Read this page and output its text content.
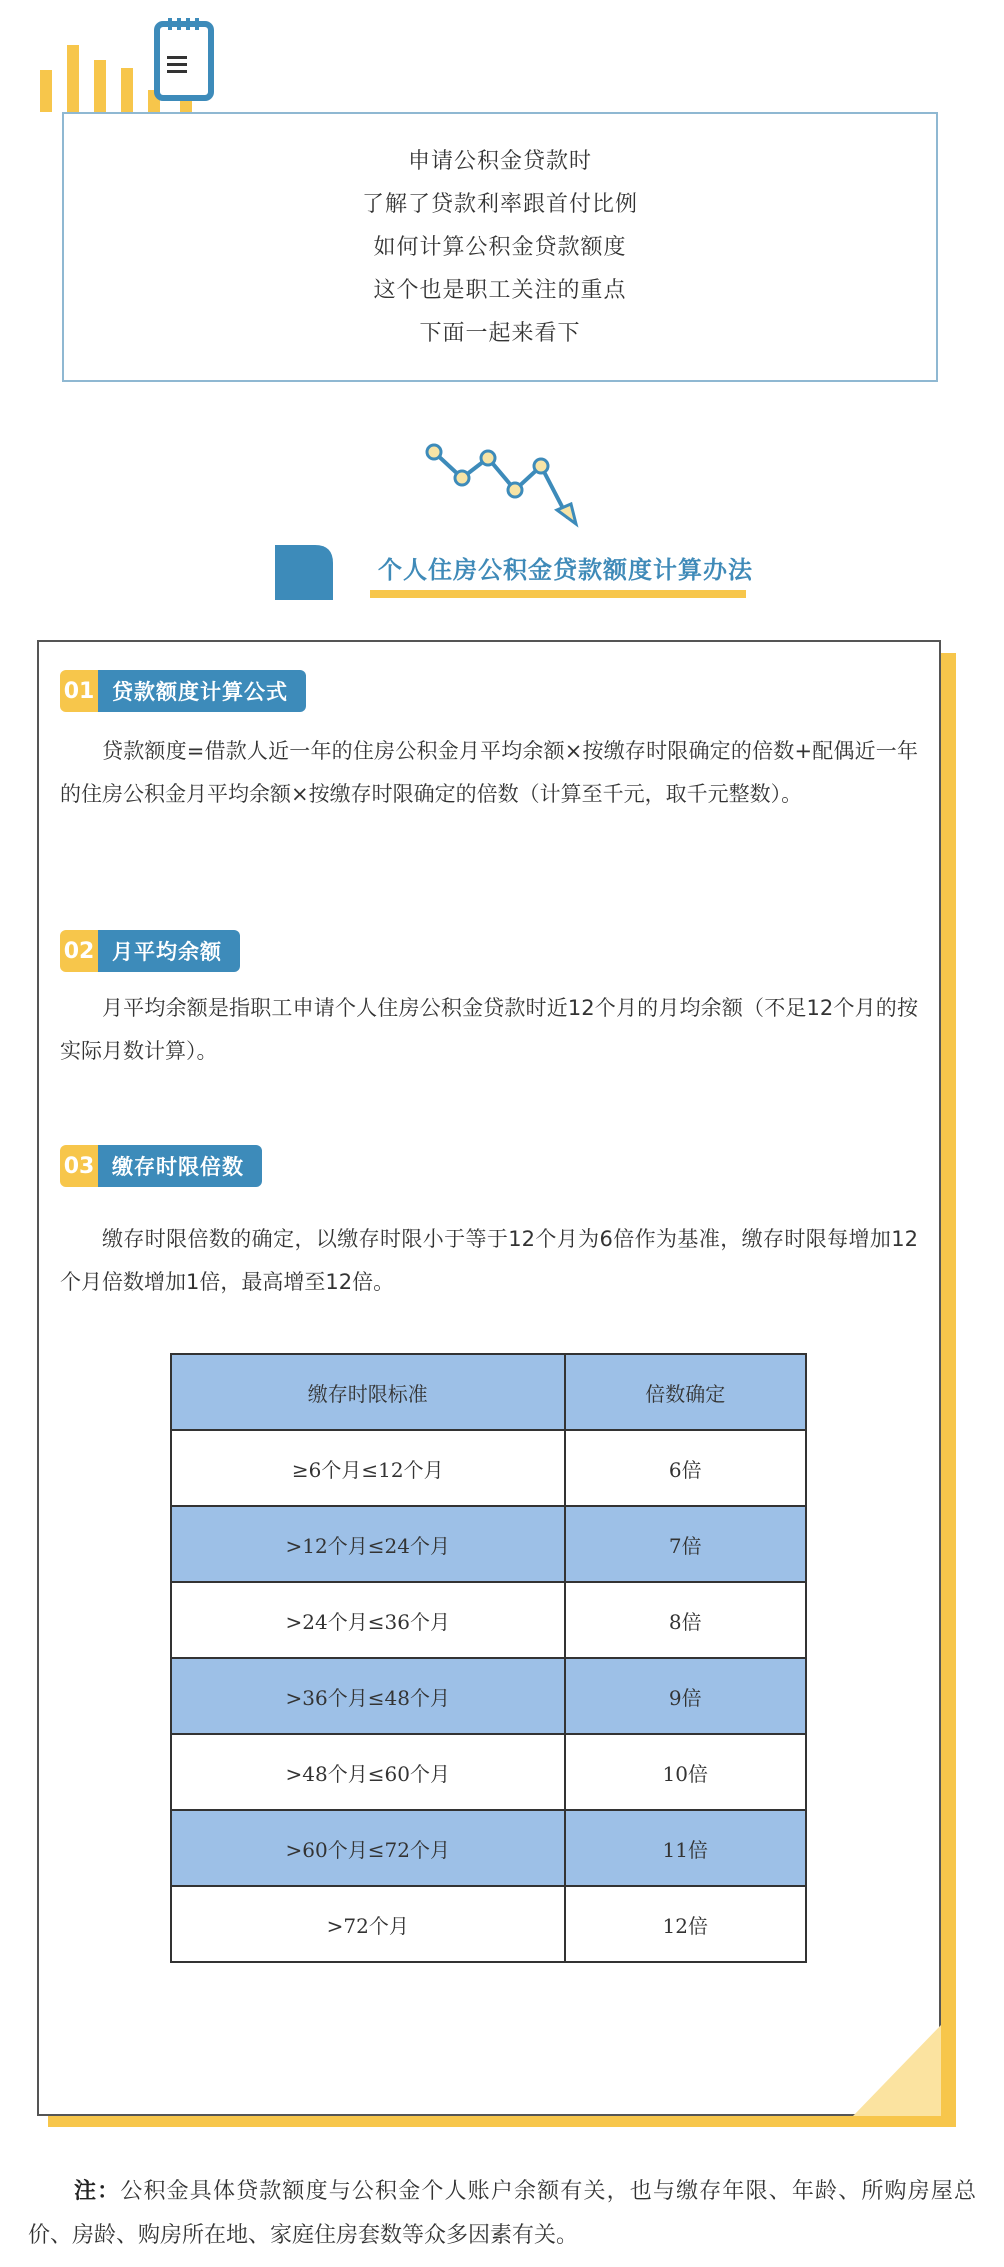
申请公积金贷款时
了解了贷款利率跟首付比例
如何计算公积金贷款额度
这个也是职工关注的重点
下面一起来看下
个人住房公积金贷款额度计算办法
01 贷款额度计算公式
贷款额度=借款人近一年的住房公积金月平均余额×按缴存时限确定的倍数+配偶近一年的住房公积金月平均余额×按缴存时限确定的倍数（计算至千元，取千元整数）。
02 月平均余额
月平均余额是指职工申请个人住房公积金贷款时近12个月的月均余额（不足12个月的按实际月数计算）。
03 缴存时限倍数
缴存时限倍数的确定，以缴存时限小于等于12个月为6倍作为基准，缴存时限每增加12个月倍数增加1倍，最高增至12倍。
缴存时限标准	倍数确定
≥6个月≤12个月	6倍
>12个月≤24个月	7倍
>24个月≤36个月	8倍
>36个月≤48个月	9倍
>48个月≤60个月	10倍
>60个月≤72个月	11倍
>72个月	12倍
注：公积金具体贷款额度与公积金个人账户余额有关，也与缴存年限、年龄、所购房屋总价、房龄、购房所在地、家庭住房套数等众多因素有关。
